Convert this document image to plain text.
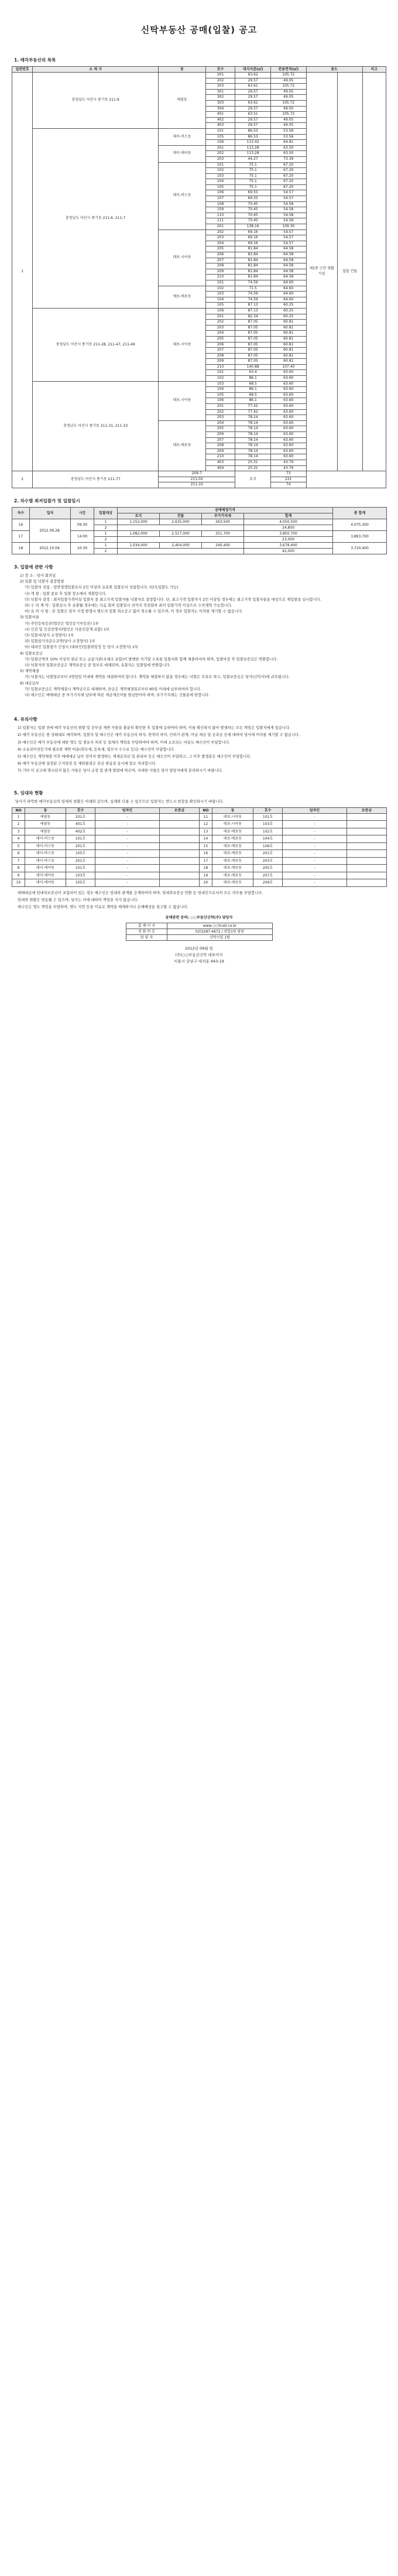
신탁부동산 공매(입찰) 공고
1. 매각부동산의 목록
일련번호	소 재 지	동	호수	대지지분(㎡)	전용면적(㎡)	용도		비고
1	충청남도 아산시 풍기동 211-9	에필동	201	63.62	105.72	제1종 근린 생활 시설	집합 건물	
			202	29.57	49.05			
			203	63.61	105.72			
			301	29.57	49.05			
			302	29.57	49.05			
			303	63.61	105.72			
			304	29.57	49.05			
			401	63.51	105.72			
			402	29.57	49.05			
			403	29.57	49.05			
	충청남도 아산시 풍기동 211-6, 211-7	데이-비스동	101	86.53	53.56			
			105	86.53	53.56			
			106	113.42	64.81			
		데이-에어동	201	113.28	63.50			
			202	113.28	63.50			
			203	44.27	73.39			
		데이-바스동	101	75.1	67.20			
			102	75.1	67.20			
			103	75.1	67.20			
			104	75.1	67.20			
			105	75.1	67.20			
			106	69.55	54.57			
			107	69.55	54.57			
			108	70.45	54.58			
			109	70.45	54.58			
			110	70.45	54.58			
			111	70.45	54.58			
			201	138.16	109.30			
		데보-시아동	202	69.16	54.57			
			203	69.16	54.57			
			204	69.16	54.57			
			205	81.84	64.58			
			206	81.84	64.58			
			207	81.84	64.58			
			208	81.84	64.58			
			209	81.84	64.58			
			210	81.84	64.58			
			101	74.59	64.60			
		에보-에포동	102	71.5	64.60			
			103	74.59	64.60			
			104	74.59	64.60			
			105	87.13	60.25			
	충청남도 아산시 풍기동 211-28, 211-47, 211-49	데보-시아동	106	87.13	60.25			
			201	82.34	60.25			
			202	87.05	60.81			
			203	87.05	60.81			
			204	87.05	60.81			
			205	87.05	60.81			
			206	87.05	60.81			
			207	87.05	60.81			
			208	87.05	60.81			
			209	87.05	60.81			
			210	140.88	107.40			
			101	63.4	63.60			
			102	86.1	63.60			
	충청남도 아산시 풍기동 211-31, 211-33	데보-시아동	103	68.5	63.60			
			104	86.1	63.60			
			105	68.5	63.60			
			106	86.1	63.60			
			201	77.42	63.60			
			202	77.42	63.60			
			203	78.14	63.60			
		데보-에포동	204	78.14	63.60			
			205	78.14	63.60			
			206	78.14	63.60			
			207	78.14	63.60			
			208	78.14	63.60			
			209	78.14	63.60			
			210	78.14	63.60			
			403	25.31	43.79			
			404	25.31	43.79			
2	충청남도 아산시 풍기동 211-77	209-7	토지	73	
		211-02		221	
		211-10		74	
2. 차수별 최저입찰가 및 입찰일시
차수	일자	시간	입찰대상	공매예정가격				총 합계
				토지	건물	부가가치세	합계	
16	2012.09.28.	09:30	1	1,152,000	2,635,000	263,500	4,050,500	4,075,300
			2				24,800	
17		14:00	1	1,082,000	2,517,000	251,700	3,850,700	3,893,700
			2				23,000	
18	2012.10.04.	10:30	1	1,034,000	2,404,000	240,400	3,678,400	3,720,400
			2				42,000	
3. 입찰에 관한 사항

1) 장 소 : 당사 회의실

2) 입찰 및 낙찰자 결정방법

가) 입찰의 성립 : 일반경쟁입찰로서 2인 이상의 유효한 입찰로서 성립합니다. (단독입찰도 가능)

나) 개 찰 : 입찰 종료 후 입찰 장소에서 개찰합니다.

다) 낙찰자 결정 : 최저입찰가격이상 입찰자 중 최고가격 입찰자를 낙찰자로 결정합니다. 단, 최고가격 입찰자가 2인 이상일 경우에는 최고가격 입찰자들을 대상으로 재입찰을 실시합니다.

라) 수 의 계 약 : 입찰실시 후 유찰될 경우에는 다음 회차 입찰일시 전까지 직전회차 최저 입찰가격 이상으로 수의계약 가능합니다.

마) 유 의 사 항 : 본 입찰은 당사 사정 발생시 별도의 입찰 취소공고 없이 취소될 수 있으며, 이 경우 입찰자는 이의를 제기할 수 없습니다.

3) 입찰서류

가) 주민등록등본(법인은 법인등기부등본) 1부

나) 인감 및 인감증명서(법인은 사용인감계 포함) 1부

다) 입찰서(당사 소정양식) 1부

라) 입찰참가자준수규약(당사 소정양식) 1부

마) 대리인 입찰참가 신청시 (대리인)입찰위임장 등 당사 소정양식) 1부

4) 입찰보증금

가) 입찰금액의 10% 이상의 현금 또는 금융기관(우체국 포함)이 발행한 자기앞 수표를 입찰서와 함께 제출하셔야 하며, 입찰마감 후 입찰보증금은 반환합니다.

나) 낙찰자의 입찰보증금은 계약보증금 중 일부로 대체되며, 유찰자는 입찰일에 반환합니다.

5) 계약체결

가) 낙찰자는 낙찰일로부터 3영업일 이내에 계약을 체결하여야 합니다. 계약을 체결하지 않을 경우에는 낙찰은 무효로 하고, 입찰보증금은 당사(신탁사)에 귀속됩니다.

6) 대금납부

가) 입찰보증금은 계약체결시 계약금으로 대체하며, 잔금은 계약체결일로부터 60일 이내에 납부하여야 합니다.

나) 매수인은 매매대금 중 부가가치세 납부에 따른 세금계산서를 발급받아야 하며, 부가가치세는 건물분에 한합니다.

4. 유의사항

1) 입찰자는 입찰 전에 매각 부동산의 현황 및 공부상 제반 사항을 충분히 확인한 후 입찰에 응하여야 하며, 이를 확인하지 않아 발생하는 모든 책임은 입찰자에게 있습니다.

2) 매각 부동산은 현 상태대로 매각하며, 입찰자 및 매수인은 매각 부동산의 하자, 면적의 차이, 인허가 관계, 미납 세금 및 공과금 등에 대하여 당사에 이의를 제기할 수 없습니다.

3) 매수인은 매각 부동산에 대한 명도 및 점유자 처리 등 일체의 책임을 부담하여야 하며, 이에 소요되는 비용도 매수인이 부담합니다.

4) 소유권이전등기에 필요한 제반 비용(취득세, 등록세, 법무사 수수료 등)은 매수인이 부담합니다.

5) 매수인은 계약체결 이후 매매대금 납부 전까지 발생하는 제세공과금 및 관리비 등은 매도인이 부담하고, 그 이후 발생분은 매수인이 부담합니다.

6) 매각 부동산에 설정된 근저당권 등 제한물권은 잔금 완납과 동시에 말소 처리합니다.

7) 기타 이 공고에 명시되지 않은 사항은 당사 규정 및 관계 법령에 따르며, 자세한 사항은 당사 담당자에게 문의하시기 바랍니다.

5. 임대차 현황
당사가 파악한 매각부동산의 임대차 현황은 아래와 같으며, 실제와 다를 수 있으므로 입찰자는 반드시 현장을 확인하시기 바랍니다.
NO	동	호수	임차인	보증금	NO	동	호수	임차인	보증금
1	에필동	201호	-		11	데보-시아동	101호	-	
2	에필동	401호	-		12	데보-시아동	103호	-	
3	에필동	402호	-		13	데보-에포동	102호	-	
4	데이-비스동	101호	-		14	데보-에포동	104호	-	
5	데이-비스동	201호	-		15	데보-에포동	106호	-	
6	데이-바스동	105호	-		16	데보-에포동	201호	-	
7	데이-바스동	201호	-		17	데보-에포동	203호	-	
8	데이-에어동	101호	-		18	데보-에포동	205호	-	
9	데이-에어동	103호	-		19	데보-에포동	207호	-	
10	데이-에어동	105호	-		20	데보-에포동	209호	-	

매매대금에 임대차보증금이 포함되어 있는 경우 매수인은 임대차 관계를 승계하여야 하며, 임대차보증금 반환 등 임대인으로서의 모든 의무를 부담합니다.

임대차 현황은 변동될 수 있으며, 당사는 이에 대하여 책임을 지지 않습니다.

매수인은 명도 책임을 부담하며, 명도 지연 등을 이유로 계약을 해제하거나 손해배상을 청구할 수 없습니다.

공매관련 문의: ○○부동산신탁(주) 담당자
홈 페 이 지	www.○○trust.co.kr
전 화 번 호	02)3287-4672 / 영업1팀 담당
담 당 자	신탁사업 1팀
2012년 09월 일
(주)○○부동산신탁 대표이사
서울시 강남구 대치동 943-19
